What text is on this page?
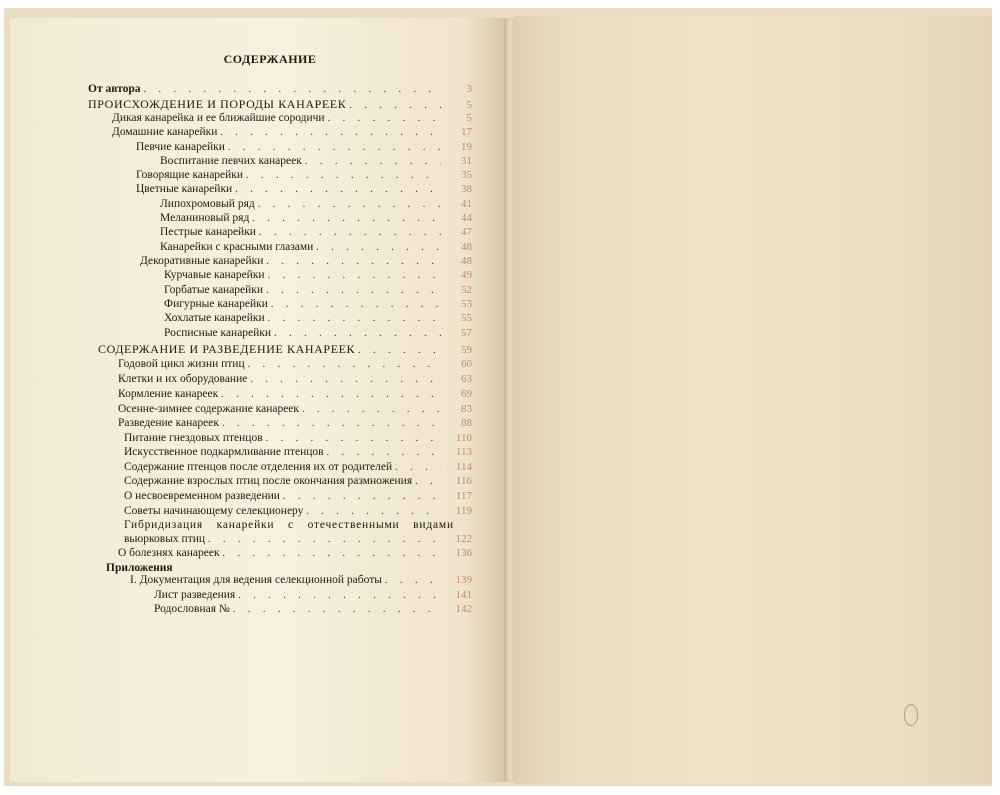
СОДЕРЖАНИЕ
От автора . . .	3
ПРОИСХОЖДЕНИЕ И ПОРОДЫ КАНАРЕЕК . . .	5
Дикая канарейка и ее ближайшие сородичи . . .	5
Домашние канарейки . . .	17
Певчие канарейки . . .	19
Воспитание певчих канареек . . .	31
Говорящие канарейки . . .	35
Цветные канарейки . . .	38
Липохромовый ряд . . .	41
Меланиновый ряд . . .	44
Пестрые канарейки . . .	47
Канарейки с красными глазами . . .	48
Декоративные канарейки . . .	48
Курчавые канарейки . . .	49
Горбатые канарейки . . .	52
Фигурные канарейки . . .	53
Хохлатые канарейки . . .	55
Росписные канарейки . . .	57
СОДЕРЖАНИЕ И РАЗВЕДЕНИЕ КАНАРЕЕК . . .	59
Годовой цикл жизни птиц . . .	60
Клетки и их оборудование . . .	63
Кормление канареек . . .	69
Осенне-зимнее содержание канареек . . .	83
Разведение канареек . . .	88
Питание гнездовых птенцов . . .	110
Искусственное подкармливание птенцов . . .	113
Содержание птенцов после отделения их от родителей . . .	114
Содержание взрослых птиц после окончания размножения . . .	116
О несвоевременном разведении . . .	117
Советы начинающему селекционеру . . .	119
Гибридизация канарейки с отечественными видами
вьюрковых птиц . . .	122
О болезнях канареек . . .	136
Приложения
I. Документация для ведения селекционной работы . . .	139
Лист разведения . . .	141
Родословная № . . .	142
